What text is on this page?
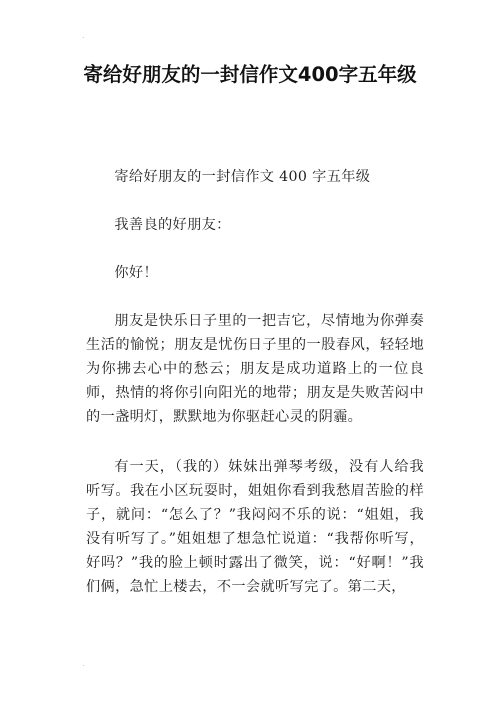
.
寄给好朋友的一封信作文400字五年级

寄给好朋友的一封信作文 400 字五年级

我善良的好朋友：

你好！

朋友是快乐日子里的一把吉它，尽情地为你弹奏生活的愉悦；朋友是忧伤日子里的一股春风，轻轻地为你拂去心中的愁云；朋友是成功道路上的一位良师，热情的将你引向阳光的地带；朋友是失败苦闷中的一盏明灯，默默地为你驱赶心灵的阴霾。

有一天，（我的）妹妹出弹琴考级，没有人给我听写。我在小区玩耍时，姐姐你看到我愁眉苦脸的样子，就问：“怎么了？”我闷闷不乐的说：“姐姐，我没有听写了。”姐姐想了想急忙说道：“我帮你听写，好吗？”我的脸上顿时露出了微笑，说：“好啊！”我们俩，急忙上楼去，不一会就听写完了。第二天，

.
